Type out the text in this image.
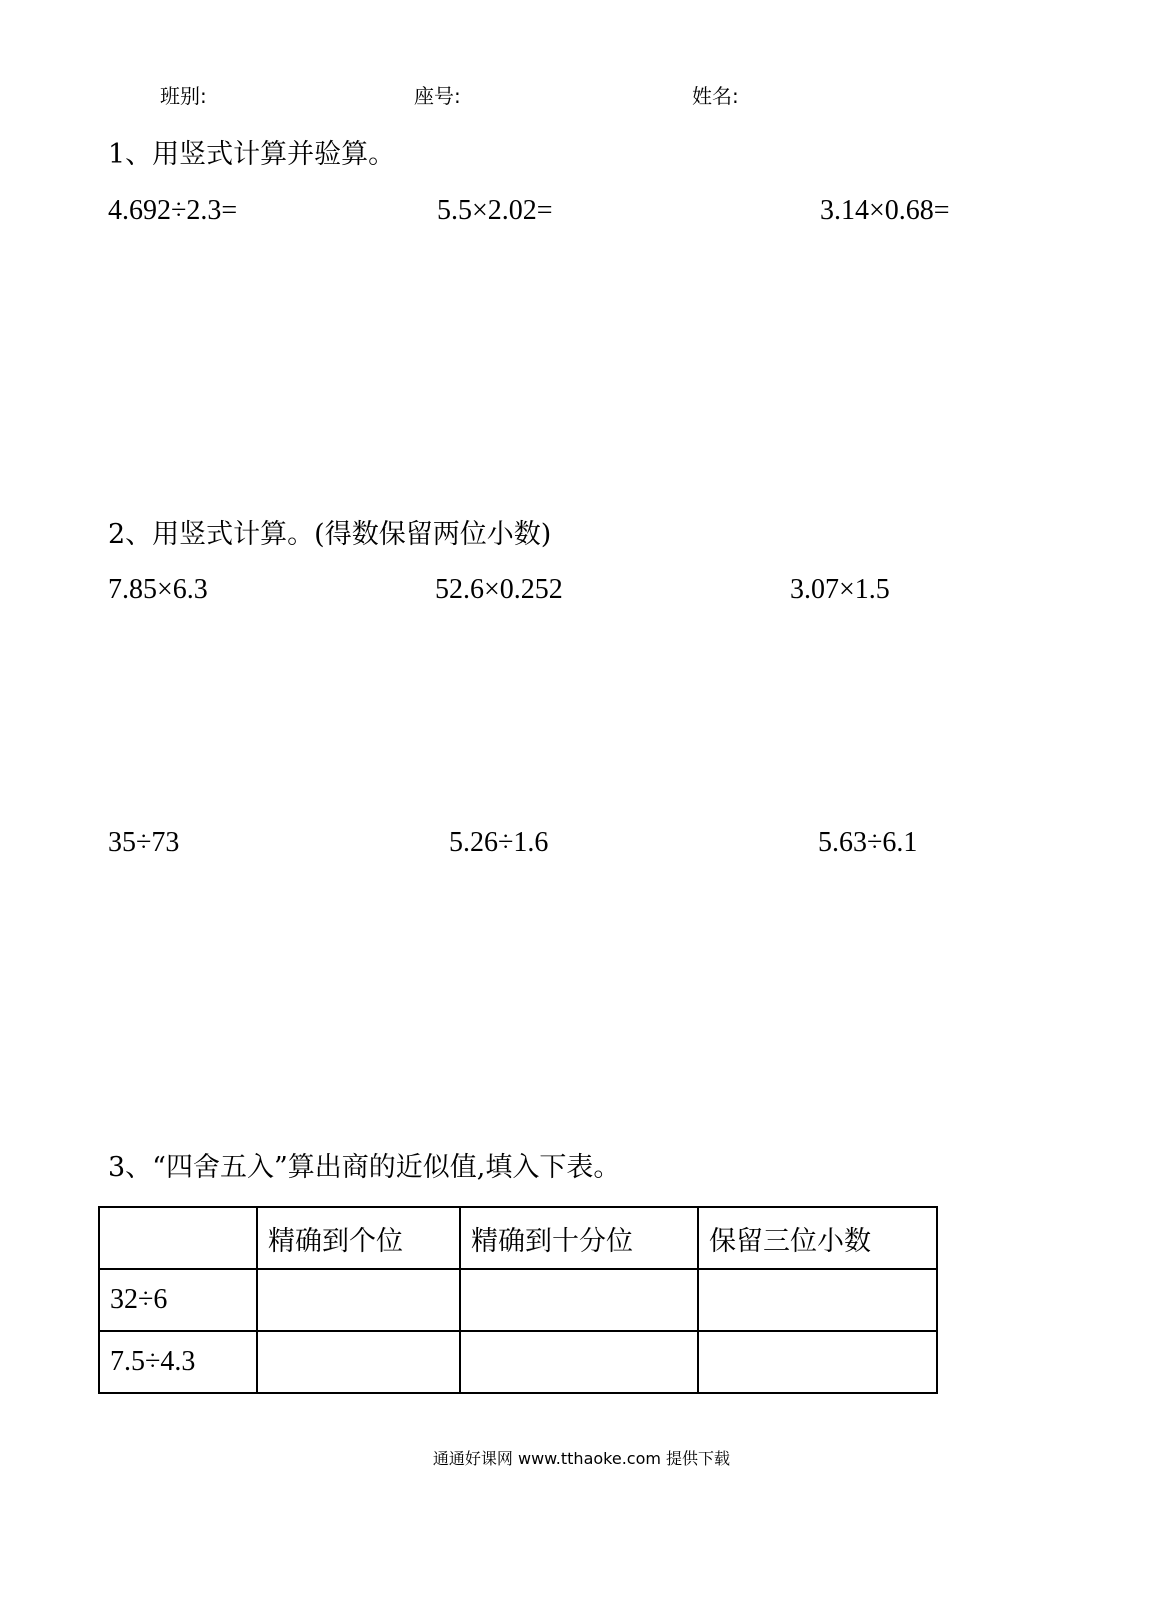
班别:	座号:	姓名:
1、用竖式计算并验算。
4.692÷2.3=	5.5×2.02=	3.14×0.68=
2、用竖式计算。(得数保留两位小数)
7.85×6.3	52.6×0.252	3.07×1.5
35÷73	5.26÷1.6	5.63÷6.1
3、“四舍五入”算出商的近似值,填入下表。
	精确到个位	精确到十分位	保留三位小数
32÷6			
7.5÷4.3			
通通好课网 www.tthaoke.com 提供下载
